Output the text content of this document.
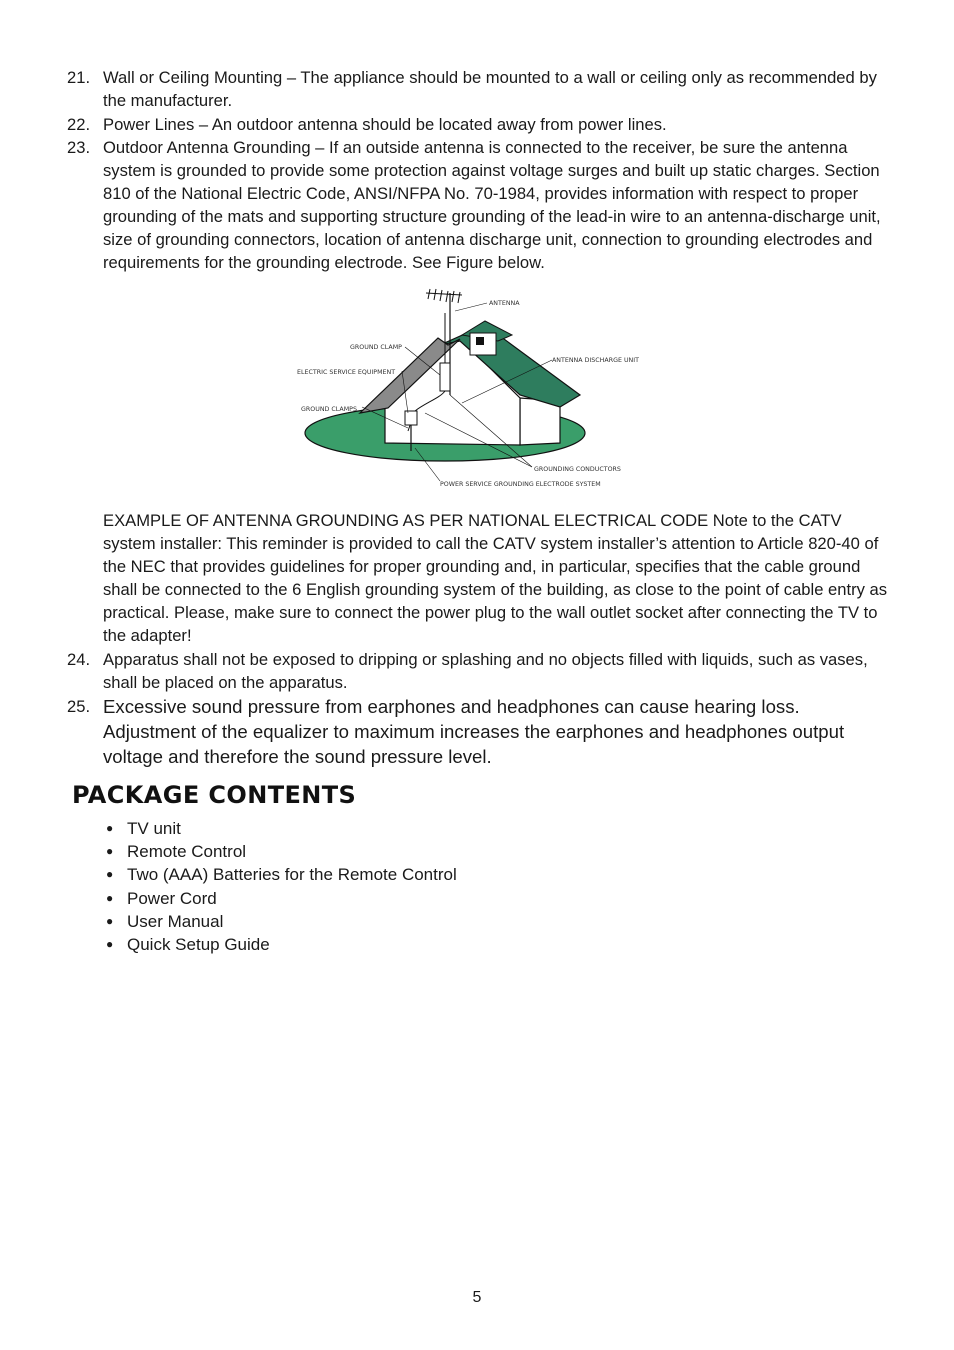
21. Wall or Ceiling Mounting – The appliance should be mounted to a wall or ceiling only as recommended by the manufacturer.
22. Power Lines – An outdoor antenna should be located away from power lines.
23. Outdoor Antenna Grounding – If an outside antenna is connected to the receiver, be sure the antenna system is grounded to provide some protection against voltage surges and built up static charges. Section 810 of the National Electric Code, ANSI/NFPA No. 70-1984, provides information with respect to proper grounding of the mats and supporting structure grounding of the lead-in wire to an antenna-discharge unit, size of grounding connectors, location of antenna discharge unit, connection to grounding electrodes and requirements for the grounding electrode. See Figure below.
ANTENNA
GROUND CLAMP
ELECTRIC SERVICE EQUIPMENT
GROUND CLAMPS
ANTENNA DISCHARGE UNIT
GROUNDING CONDUCTORS
POWER SERVICE GROUNDING ELECTRODE SYSTEM
EXAMPLE OF ANTENNA GROUNDING AS PER NATIONAL ELECTRICAL CODE Note to the CATV system installer: This reminder is provided to call the CATV system installer’s attention to Article 820-40 of the NEC that provides guidelines for proper grounding and, in particular, specifies that the cable ground shall be connected to the 6 English grounding system of the building, as close to the point of cable entry as practical. Please, make sure to connect the power plug to the wall outlet socket after connecting the TV to the adapter!
24. Apparatus shall not be exposed to dripping or splashing and no objects filled with liquids, such as vases, shall be placed on the apparatus.
25. Excessive sound pressure from earphones and headphones can cause hearing loss. Adjustment of the equalizer to maximum increases the earphones and headphones output voltage and therefore the sound pressure level.
PACKAGE CONTENTS
● TV unit
● Remote Control
● Two (AAA) Batteries for the Remote Control
● Power Cord
● User Manual
● Quick Setup Guide
5
